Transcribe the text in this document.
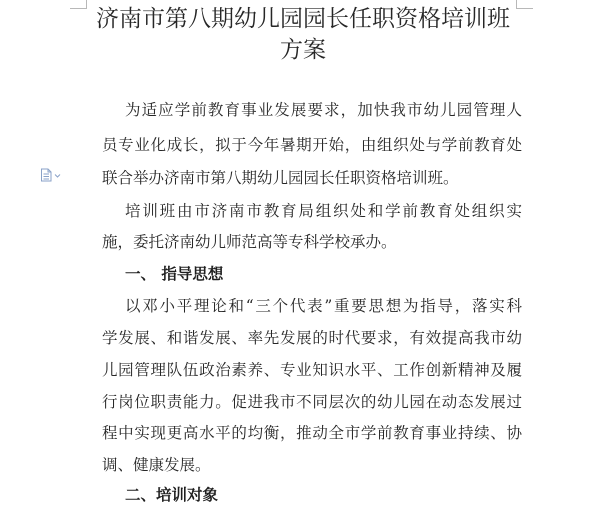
济南市第八期幼儿园园长任职资格培训班
方案
为适应学前教育事业发展要求，加快我市幼儿园管理人
员专业化成长，拟于今年暑期开始，由组织处与学前教育处
联合举办济南市第八期幼儿园园长任职资格培训班。
培训班由市济南市教育局组织处和学前教育处组织实
施，委托济南幼儿师范高等专科学校承办。
一、 指导思想
以邓小平理论和“三个代表”重要思想为指导，落实科
学发展、和谐发展、率先发展的时代要求，有效提高我市幼
儿园管理队伍政治素养、专业知识水平、工作创新精神及履
行岗位职责能力。促进我市不同层次的幼儿园在动态发展过
程中实现更高水平的均衡，推动全市学前教育事业持续、协
调、健康发展。
二、培训对象
